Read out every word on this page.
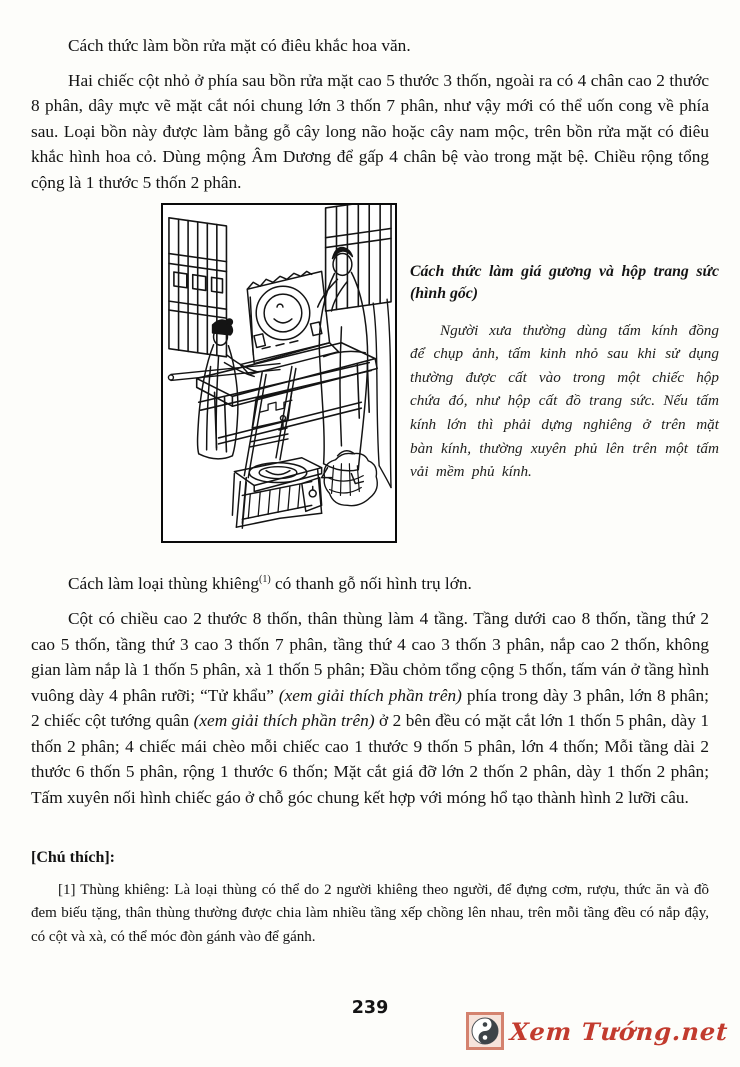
Cách thức làm bồn rửa mặt có điêu khắc hoa văn.

Hai chiếc cột nhỏ ở phía sau bồn rửa mặt cao 5 thước 3 thốn, ngoài ra có 4 chân cao 2 thước 8 phân, dây mực vẽ mặt cắt nói chung lớn 3 thốn 7 phân, như vậy mới có thể uốn cong về phía sau. Loại bồn này được làm bằng gỗ cây long não hoặc cây nam mộc, trên bồn rửa mặt có điêu khắc hình hoa cỏ. Dùng mộng Âm Dương để gấp 4 chân bệ vào trong mặt bệ. Chiều rộng tổng cộng là 1 thước 5 thốn 2 phân.

Cách thức làm giá gương và hộp trang sức (hình gốc)

Người xưa thường dùng tấm kính đồng để chụp ảnh, tấm kinh nhỏ sau khi sử dụng thường được cất vào trong một chiếc hộp chứa đó, như hộp cất đồ trang sức. Nếu tấm kính lớn thì phải dựng nghiêng ở trên mặt bàn kính, thường xuyên phủ lên trên một tấm vải mềm phủ kính.

Cách làm loại thùng khiêng$^{(1)}$ có thanh gỗ nối hình trụ lớn.

Cột có chiều cao 2 thước 8 thốn, thân thùng làm 4 tầng. Tầng dưới cao 8 thốn, tầng thứ 2 cao 5 thốn, tầng thứ 3 cao 3 thốn 7 phân, tầng thứ 4 cao 3 thốn 3 phân, nắp cao 2 thốn, không gian làm nắp là 1 thốn 5 phân, xà 1 thốn 5 phân; Đầu chỏm tổng cộng 5 thốn, tấm ván ở tầng hình vuông dày 4 phân rưỡi; “Tử khẩu” (xem giải thích phần trên) phía trong dày 3 phân, lớn 8 phân; 2 chiếc cột tướng quân (xem giải thích phần trên) ở 2 bên đều có mặt cắt lớn 1 thốn 5 phân, dày 1 thốn 2 phân; 4 chiếc mái chèo mỗi chiếc cao 1 thước 9 thốn 5 phân, lớn 4 thốn; Mỗi tầng dài 2 thước 6 thốn 5 phân, rộng 1 thước 6 thốn; Mặt cắt giá đỡ lớn 2 thốn 2 phân, dày 1 thốn 2 phân; Tấm xuyên nối hình chiếc gáo ở chỗ góc chung kết hợp với móng hổ tạo thành hình 2 lưỡi câu.

[Chú thích]:

[1] Thùng khiêng: Là loại thùng có thể do 2 người khiêng theo người, để đựng cơm, rượu, thức ăn và đồ đem biếu tặng, thân thùng thường được chia làm nhiều tầng xếp chồng lên nhau, trên mỗi tầng đều có nắp đậy, có cột và xà, có thể móc đòn gánh vào để gánh.

239
Xem Tướng.net
